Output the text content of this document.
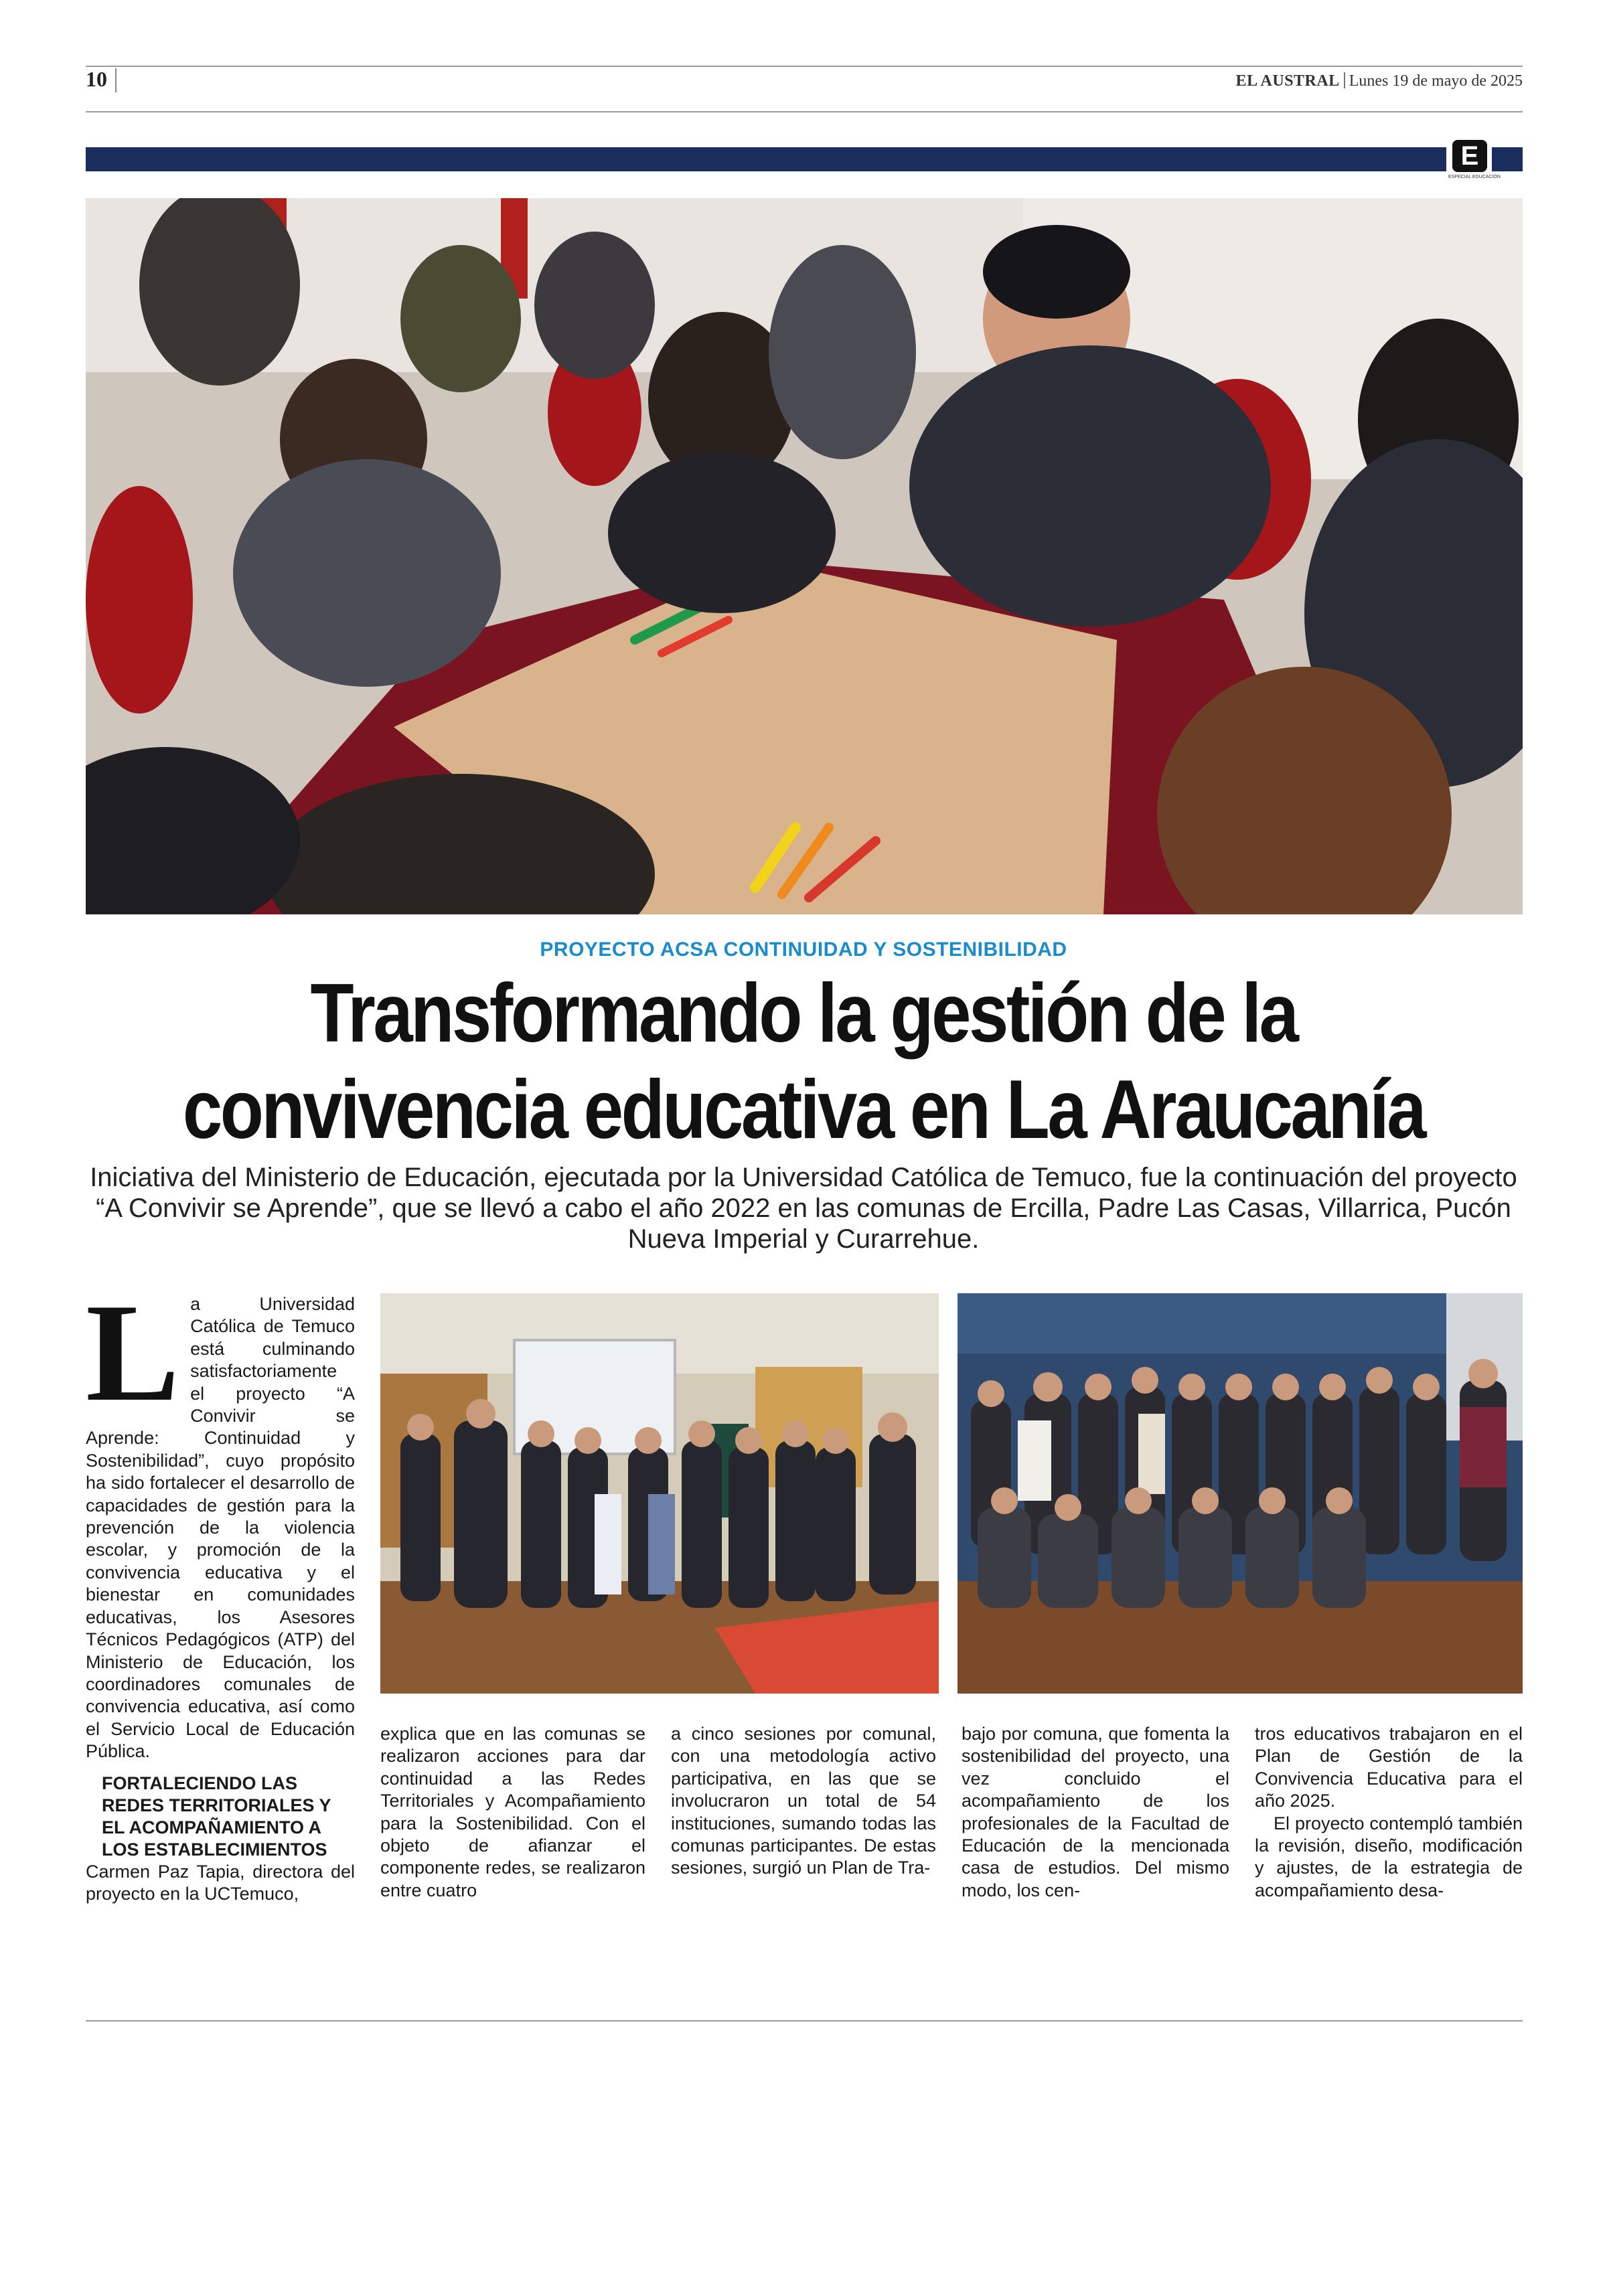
10	EL AUSTRAL Lunes 19 de mayo de 2025
E
ESPECIAL EDUCACIÓN
PROYECTO ACSA CONTINUIDAD Y SOSTENIBILIDAD
Transformando la gestión de la
convivencia educativa en La Araucanía
Iniciativa del Ministerio de Educación, ejecutada por la Universidad Católica de Temuco, fue la continuación del proyecto “A Convivir se Aprende”, que se llevó a cabo el año 2022 en las comunas de Ercilla, Padre Las Casas, Villarrica, Pucón Nueva Imperial y Curarrehue.
L a Universidad Católica de Temuco está culminando satisfactoriamente el proyecto “A Convivir se Aprende: Continuidad y Sostenibilidad”, cuyo propósito ha sido fortalecer el desarrollo de capacidades de gestión para la prevención de la violencia escolar, y promoción de la convivencia educativa y el bienestar en comunidades educativas, los Asesores Técnicos Pedagógicos (ATP) del Ministerio de Educación, los coordinadores comunales de convivencia educativa, así como el Servicio Local de Educación Pública.

FORTALECIENDO LAS REDES TERRITORIALES Y EL ACOMPAÑAMIENTO A LOS ESTABLECIMIENTOS

Carmen Paz Tapia, directora del proyecto en la UCTemuco,

explica que en las comunas se realizaron acciones para dar continuidad a las Redes Territoriales y Acompañamiento para la Sostenibilidad. Con el objeto de afianzar el componente redes, se realizaron entre cuatro

a cinco sesiones por comunal, con una metodología activo participativa, en las que se involucraron un total de 54 instituciones, sumando todas las comunas participantes. De estas sesiones, surgió un Plan de Tra-

bajo por comuna, que fomenta la sostenibilidad del proyecto, una vez concluido el acompañamiento de los profesionales de la Facultad de Educación de la mencionada casa de estudios. Del mismo modo, los cen-

tros educativos trabajaron en el Plan de Gestión de la Convivencia Educativa para el año 2025.

El proyecto contempló también la revisión, diseño, modificación y ajustes, de la estrategia de acompañamiento desa-
